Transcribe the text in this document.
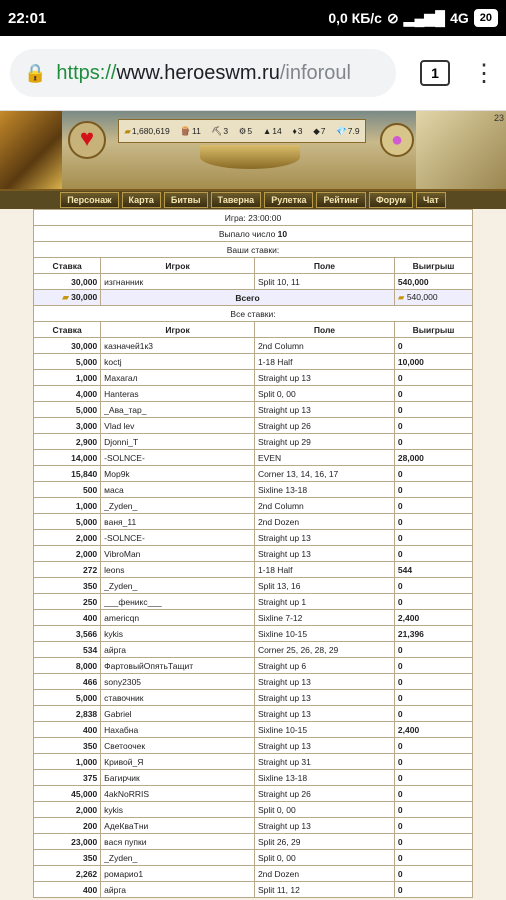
22:01	0,0 КБ/с ⊘ ▂▄▆█ 4G	20
🔒 https:// www.heroeswm.ru /inforoul	1	⋮
♥	▰ 1,680,619 🪵 11 ⛏ 3 ⚙ 5 ▲ 14 ♦ 3 ◆ 7 💎 7.9	●
23
Персонаж	Карта	Битвы	Таверна	Рулетка	Рейтинг	Форум	Чат
Игра: 23:00:00			
Выпало число 10			
Ваши ставки:			
Ставка	Игрок	Поле	Выигрыш
30,000	изгнанник	Split 10, 11	540,000
▰ 30,000	Всего		▰ 540,000
Все ставки:			
Ставка	Игрок	Поле	Выигрыш
30,000	казначей1к3	2nd Column	0
5,000	koctj	1-18 Half	10,000
1,000	Махагал	Straight up 13	0
4,000	Hanteras	Split 0, 00	0
5,000	_Ава_тар_	Straight up 13	0
3,000	Vlad lev	Straight up 26	0
2,900	Djonni_T	Straight up 29	0
14,000	-SOLNCE-	EVEN	28,000
15,840	Mop9k	Corner 13, 14, 16, 17	0
500	маса	Sixline 13-18	0
1,000	_Zyden_	2nd Column	0
5,000	ваня_11	2nd Dozen	0
2,000	-SOLNCE-	Straight up 13	0
2,000	VibroMan	Straight up 13	0
272	leons	1-18 Half	544
350	_Zyden_	Split 13, 16	0
250	___феникс___	Straight up 1	0
400	americqn	Sixline 7-12	2,400
3,566	kykis	Sixline 10-15	21,396
534	айрга	Corner 25, 26, 28, 29	0
8,000	ФартовыйОпятьТащит	Straight up 6	0
466	sony2305	Straight up 13	0
5,000	ставочник	Straight up 13	0
2,838	Gabriel	Straight up 13	0
400	Нахабна	Sixline 10-15	2,400
350	Светоочек	Straight up 13	0
1,000	Кривой_Я	Straight up 31	0
375	Багирчик	Sixline 13-18	0
45,000	4akNoRRIS	Straight up 26	0
2,000	kykis	Split 0, 00	0
200	АдеКваТни	Straight up 13	0
23,000	вася пупки	Split 26, 29	0
350	_Zyden_	Split 0, 00	0
2,262	ромарио1	2nd Dozen	0
400	айрга	Split 11, 12	0
